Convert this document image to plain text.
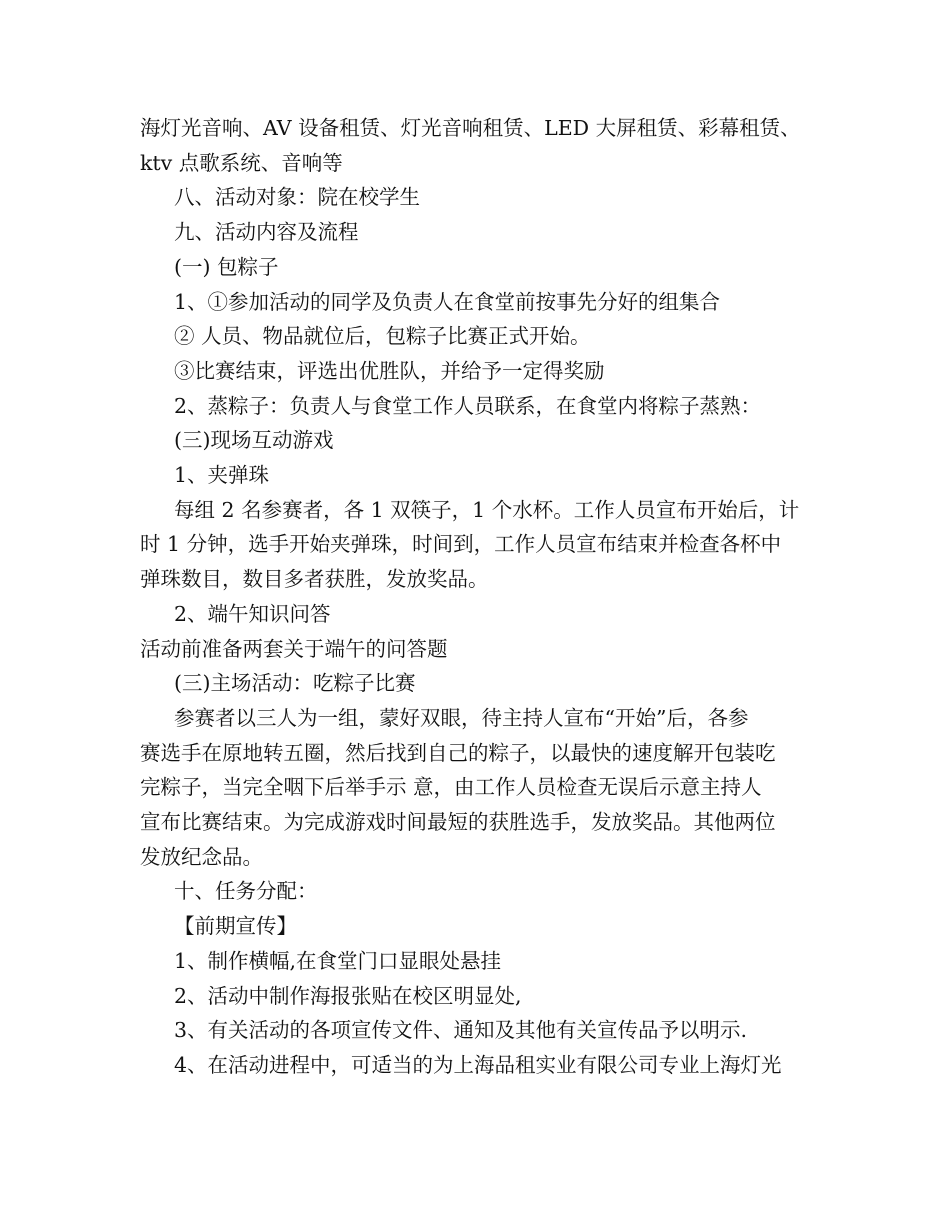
海灯光音响、AV 设备租赁、灯光音响租赁、LED 大屏租赁、彩幕租赁、

ktv 点歌系统、音响等

八、活动对象：院在校学生

九、活动内容及流程

(一) 包粽子

1、①参加活动的同学及负责人在食堂前按事先分好的组集合

② 人员、物品就位后，包粽子比赛正式开始。

③比赛结束，评选出优胜队，并给予一定得奖励

2、蒸粽子：负责人与食堂工作人员联系，在食堂内将粽子蒸熟：

(三)现场互动游戏

1、夹弹珠

每组 2 名参赛者，各 1 双筷子，1 个水杯。工作人员宣布开始后，计

时 1 分钟，选手开始夹弹珠，时间到，工作人员宣布结束并检查各杯中

弹珠数目，数目多者获胜，发放奖品。

2、端午知识问答

活动前准备两套关于端午的问答题

(三)主场活动：吃粽子比赛

参赛者以三人为一组，蒙好双眼，待主持人宣布“开始”后，各参

赛选手在原地转五圈，然后找到自己的粽子，以最快的速度解开包装吃

完粽子，当完全咽下后举手示 意，由工作人员检查无误后示意主持人

宣布比赛结束。为完成游戏时间最短的获胜选手，发放奖品。其他两位

发放纪念品。

十、任务分配：

【前期宣传】

1、制作横幅,在食堂门口显眼处悬挂

2、活动中制作海报张贴在校区明显处,

3、有关活动的各项宣传文件、通知及其他有关宣传品予以明示.

4、在活动进程中，可适当的为上海品租实业有限公司专业上海灯光
